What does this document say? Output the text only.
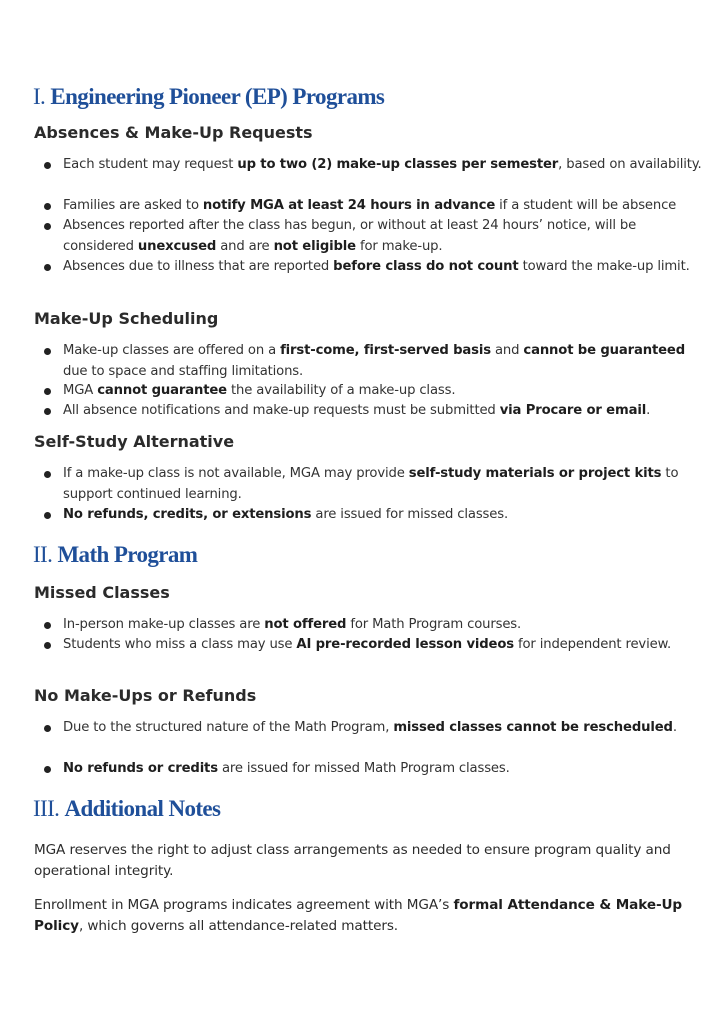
I. Engineering Pioneer (EP) Programs
Absences & Make-Up Requests

Each student may request up to two (2) make-up classes per semester, based on availability.

Families are asked to notify MGA at least 24 hours in advance if a student will be absence

Absences reported after the class has begun, or without at least 24 hours’ notice, will be considered unexcused and are not eligible for make-up.

Absences due to illness that are reported before class do not count toward the make-up limit.

Make-Up Scheduling

Make-up classes are offered on a first-come, first-served basis and cannot be guaranteed due to space and staffing limitations.

MGA cannot guarantee the availability of a make-up class.

All absence notifications and make-up requests must be submitted via Procare or email.

Self-Study Alternative

If a make-up class is not available, MGA may provide self-study materials or project kits to support continued learning.

No refunds, credits, or extensions are issued for missed classes.

II. Math Program
Missed Classes

In-person make-up classes are not offered for Math Program courses.

Students who miss a class may use AI pre-recorded lesson videos for independent review.

No Make-Ups or Refunds

Due to the structured nature of the Math Program, missed classes cannot be rescheduled.

No refunds or credits are issued for missed Math Program classes.

III. Additional Notes

MGA reserves the right to adjust class arrangements as needed to ensure program quality and operational integrity.

Enrollment in MGA programs indicates agreement with MGA’s formal Attendance & Make-Up Policy, which governs all attendance-related matters.
